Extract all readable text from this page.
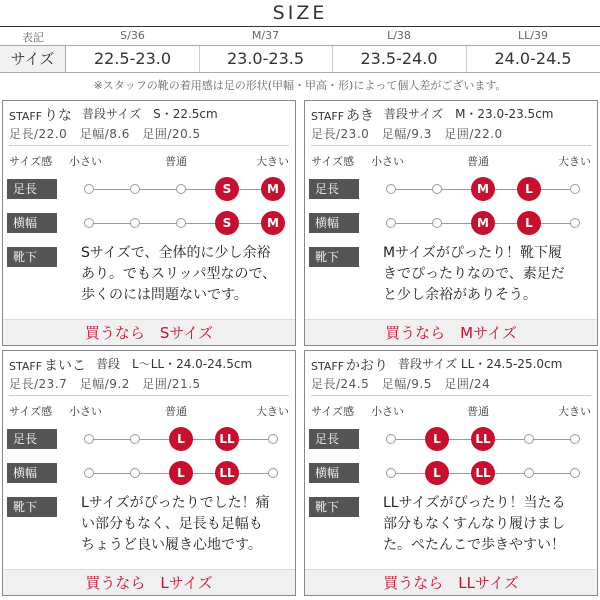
SIZE
表記	S/36	M/37	L/38	LL/39
サイズ	22.5-23.0	23.0-23.5	23.5-24.0	24.0-24.5
※スタッフの靴の着用感は足の形状(甲幅・甲高・形)によって個人差がございます。
STAFF りな 普段サイズ　S・22.5cm
足長/22.0　足幅/8.6　足囲/20.5
サイズ感 小さい	普通	大きい
足長	S	M
横幅	S	M
靴下	Sサイズで、全体的に少し余裕
あり。でもスリッパ型なので、
歩くのには問題ないです。
買うなら　Sサイズ
STAFF あき 普段サイズ　M・23.0-23.5cm
足長/23.0　足幅/9.3　足囲/22.0
サイズ感 小さい	普通	大きい
足長	M	L
横幅	M	L
靴下	Mサイズがぴったり！靴下履
きでぴったりなので、素足だ
と少し余裕がありそう。
買うなら　Mサイズ
STAFF まいこ 普段　L〜LL・24.0-24.5cm
足長/23.7　足幅/9.2　足囲/21.5
サイズ感 小さい	普通	大きい
足長	L	LL
横幅	L	LL
靴下	Lサイズがぴったりでした！痛
い部分もなく、足長も足幅も
ちょうど良い履き心地です。
買うなら　Lサイズ
STAFF かおり 普段サイズ LL・24.5-25.0cm
足長/24.5　足幅/9.5　足囲/24
サイズ感 小さい	普通	大きい
足長	L	LL
横幅	L	LL
靴下	LLサイズがぴったり！当たる
部分もなくすんなり履けまし
た。ぺたんこで歩きやすい！
買うなら　LLサイズ
